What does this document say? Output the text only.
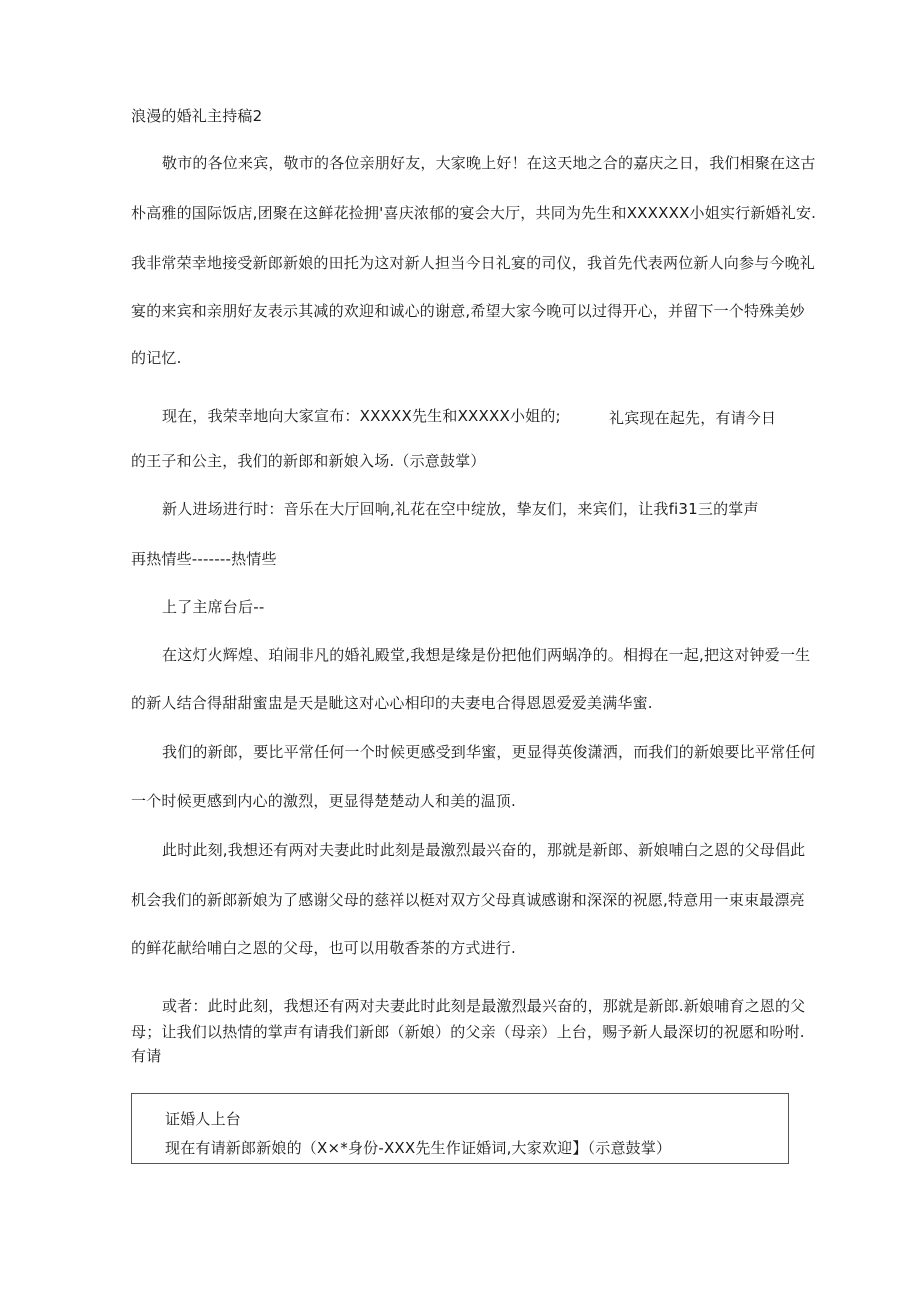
浪漫的婚礼主持稿2
敬市的各位来宾，敬市的各位亲朋好友，大家晚上好！在这天地之合的嘉庆之日，我们相聚在这古
朴高雅的国际饭店,团聚在这鲜花捡拥'喜庆浓郁的宴会大厅，共同为先生和XXXXXX小姐实行新婚礼安.
我非常荣幸地接受新郎新娘的田托为这对新人担当今日礼宴的司仪，我首先代表两位新人向参与今晚礼
宴的来宾和亲朋好友表示其减的欢迎和诚心的谢意,希望大家今晚可以过得开心，并留下一个特殊美妙
的记忆.
现在，我荣幸地向大家宣布：XXXXX先生和XXXXX小姐的;	礼宾现在起先，有请今日
的王子和公主，我们的新郎和新娘入场.（示意鼓掌）
新人进场进行时：音乐在大厅回响,礼花在空中绽放，挚友们，来宾们，让我fi31三的掌声
再热情些-------热情些
上了主席台后--
在这灯火辉煌、珀闹非凡的婚礼殿堂,我想是缘是份把他们两蜗净的。相拇在一起,把这对钟爱一生
的新人结合得甜甜蜜盅是天是眦这对心心相印的夫妻电合得恩恩爱爱美满华蜜.
我们的新郎，要比平常任何一个时候更感受到华蜜，更显得英俊潇洒，而我们的新娘要比平常任何
一个时候更感到内心的激烈，更显得楚楚动人和美的温顶.
此时此刻,我想还有两对夫妻此时此刻是最激烈最兴奋的，那就是新郎、新娘哺白之恩的父母倡此
机会我们的新郎新娘为了感谢父母的慈祥以梃对双方父母真诚感谢和深深的祝愿,特意用一束束最漂亮
的鲜花献给哺白之恩的父母，也可以用敬香茶的方式进行.
或者：此时此刻，我想还有两对夫妻此时此刻是最激烈最兴奋的，那就是新郎.新娘哺育之恩的父
母；让我们以热情的掌声有请我们新郎（新娘）的父亲（母亲）上台，赐予新人最深切的祝愿和吩咐.
有请
证婚人上台
现在有请新郎新娘的（X×*身份-XXX先生作证婚词,大家欢迎】（示意鼓掌）
